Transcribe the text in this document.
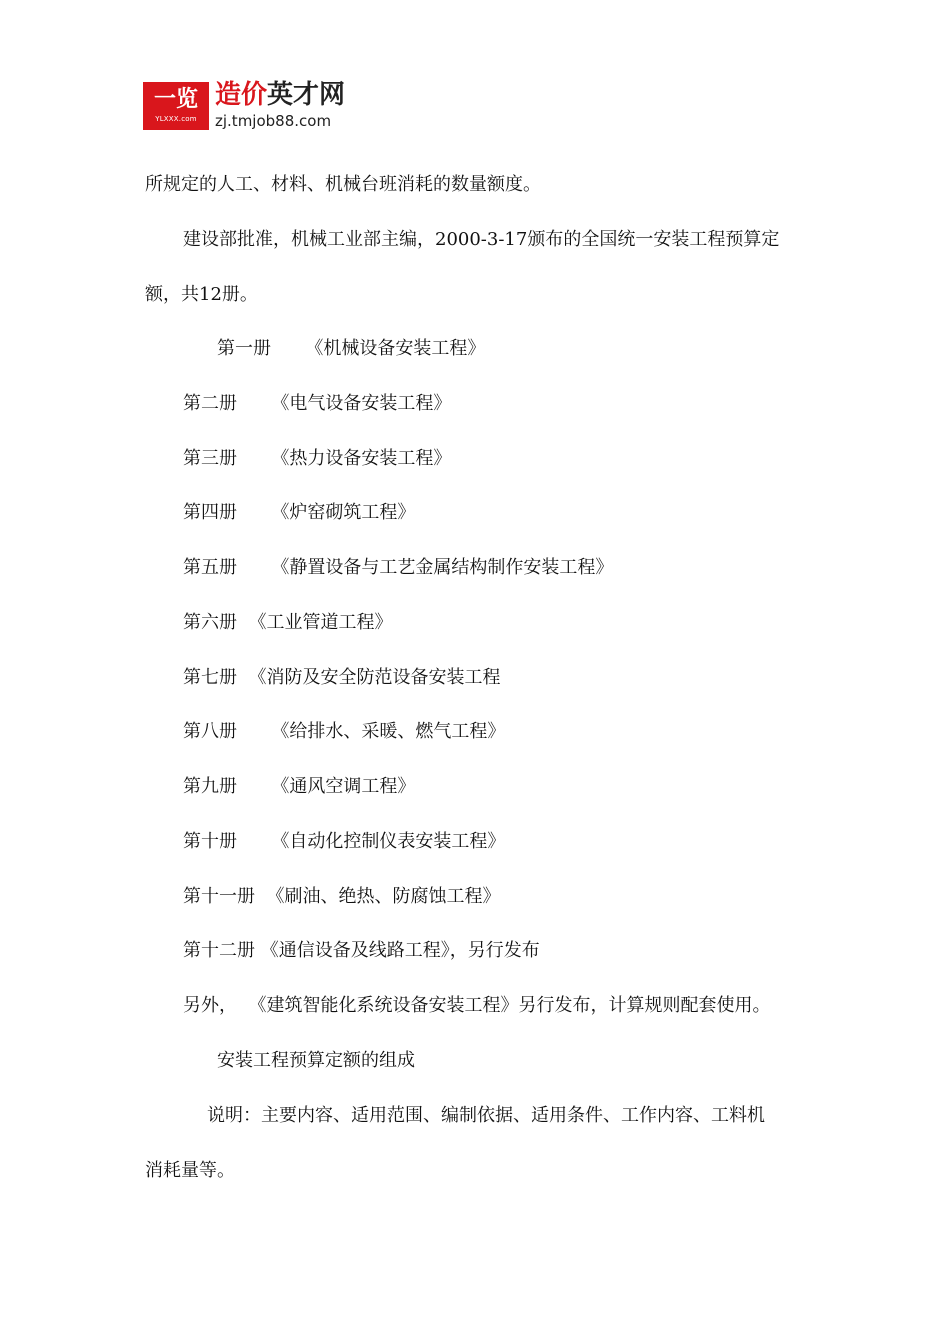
一览
YLXXX.com
造价英才网
zj.tmjob88.com

所规定的人工、材料、机械台班消耗的数量额度。

建设部批准，机械工业部主编，2000-3-17颁布的全国统一安装工程预算定

额，共12册。

第一册      《机械设备安装工程》

第二册      《电气设备安装工程》

第三册      《热力设备安装工程》

第四册      《炉窑砌筑工程》

第五册      《静置设备与工艺金属结构制作安装工程》

第六册  《工业管道工程》

第七册  《消防及安全防范设备安装工程

第八册      《给排水、采暖、燃气工程》

第九册      《通风空调工程》

第十册      《自动化控制仪表安装工程》

第十一册  《刷油、绝热、防腐蚀工程》

第十二册 《通信设备及线路工程》，另行发布

另外，  《建筑智能化系统设备安装工程》另行发布，计算规则配套使用。

安装工程预算定额的组成

说明：主要内容、适用范围、编制依据、适用条件、工作内容、工料机

消耗量等。
